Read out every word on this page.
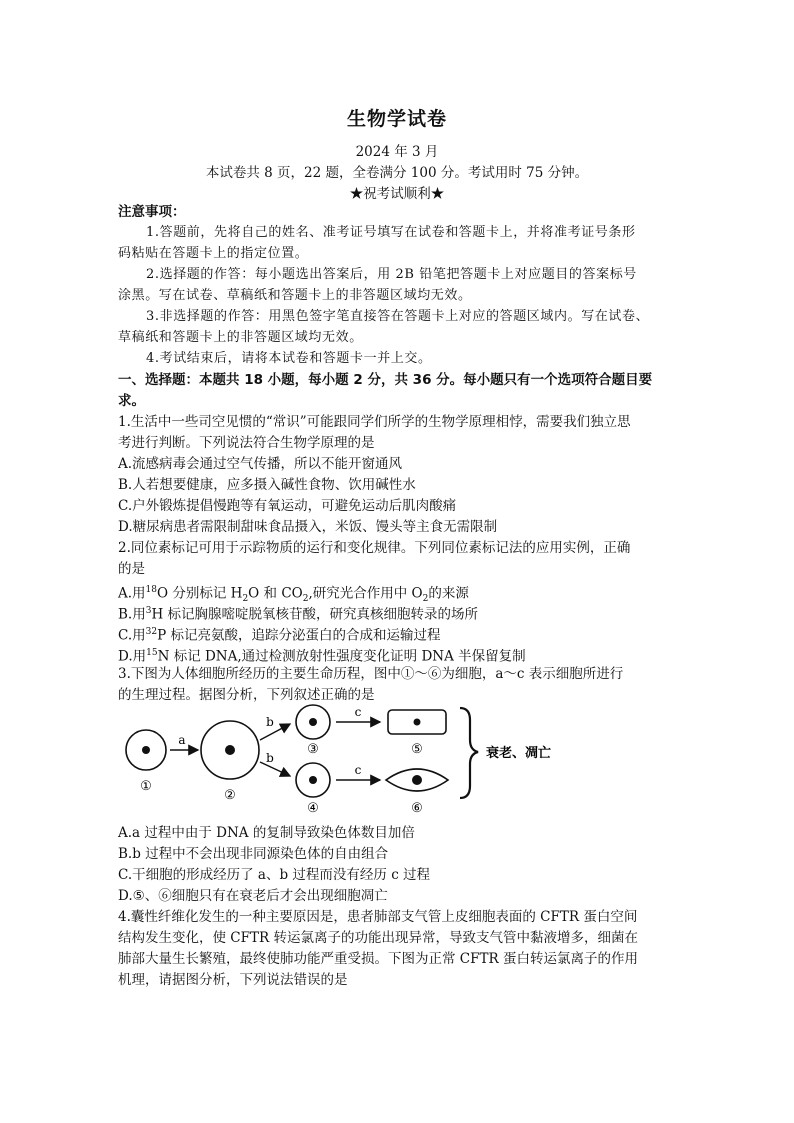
生物学试卷
2024 年 3 月
本试卷共 8 页，22 题，全卷满分 100 分。考试用时 75 分钟。
★祝考试顺利★
注意事项：
1.答题前，先将自己的姓名、准考证号填写在试卷和答题卡上，并将准考证号条形
码粘贴在答题卡上的指定位置。
2.选择题的作答：每小题选出答案后，用 2B 铅笔把答题卡上对应题目的答案标号
涂黑。写在试卷、草稿纸和答题卡上的非答题区域均无效。
3.非选择题的作答：用黑色签字笔直接答在答题卡上对应的答题区域内。写在试卷、
草稿纸和答题卡上的非答题区域均无效。
4.考试结束后，请将本试卷和答题卡一并上交。
一、选择题：本题共 18 小题，每小题 2 分，共 36 分。每小题只有一个选项符合题目要
求。
1.生活中一些司空见惯的“常识”可能跟同学们所学的生物学原理相悖，需要我们独立思
考进行判断。下列说法符合生物学原理的是
A.流感病毒会通过空气传播，所以不能开窗通风
B.人若想要健康，应多摄入碱性食物、饮用碱性水
C.户外锻炼提倡慢跑等有氧运动，可避免运动后肌肉酸痛
D.糖尿病患者需限制甜味食品摄入，米饭、馒头等主食无需限制
2.同位素标记可用于示踪物质的运行和变化规律。下列同位素标记法的应用实例，正确
的是
A.用$^{18}$O 分别标记 $H_2O$ 和 $CO_2$,研究光合作用中 $O_2$的来源
B.用$^3$H 标记胸腺嘧啶脱氧核苷酸，研究真核细胞转录的场所
C.用$^{32}$P 标记亮氨酸，追踪分泌蛋白的合成和运输过程
D.用$^{15}$N 标记 DNA,通过检测放射性强度变化证明 DNA 半保留复制
3.下图为人体细胞所经历的主要生命历程，图中①～⑥为细胞，a～c 表示细胞所进行
的生理过程。据图分析，下列叙述正确的是
①
a
②
b
b
③
④
c
c
⑤
⑥
衰老、凋亡
A.a 过程中由于 DNA 的复制导致染色体数目加倍
B.b 过程中不会出现非同源染色体的自由组合
C.干细胞的形成经历了 a、b 过程而没有经历 c 过程
D.⑤、⑥细胞只有在衰老后才会出现细胞凋亡
4.囊性纤维化发生的一种主要原因是，患者肺部支气管上皮细胞表面的 CFTR 蛋白空间
结构发生变化，使 CFTR 转运氯离子的功能出现异常，导致支气管中黏液增多，细菌在
肺部大量生长繁殖，最终使肺功能严重受损。下图为正常 CFTR 蛋白转运氯离子的作用
机理，请据图分析，下列说法错误的是
